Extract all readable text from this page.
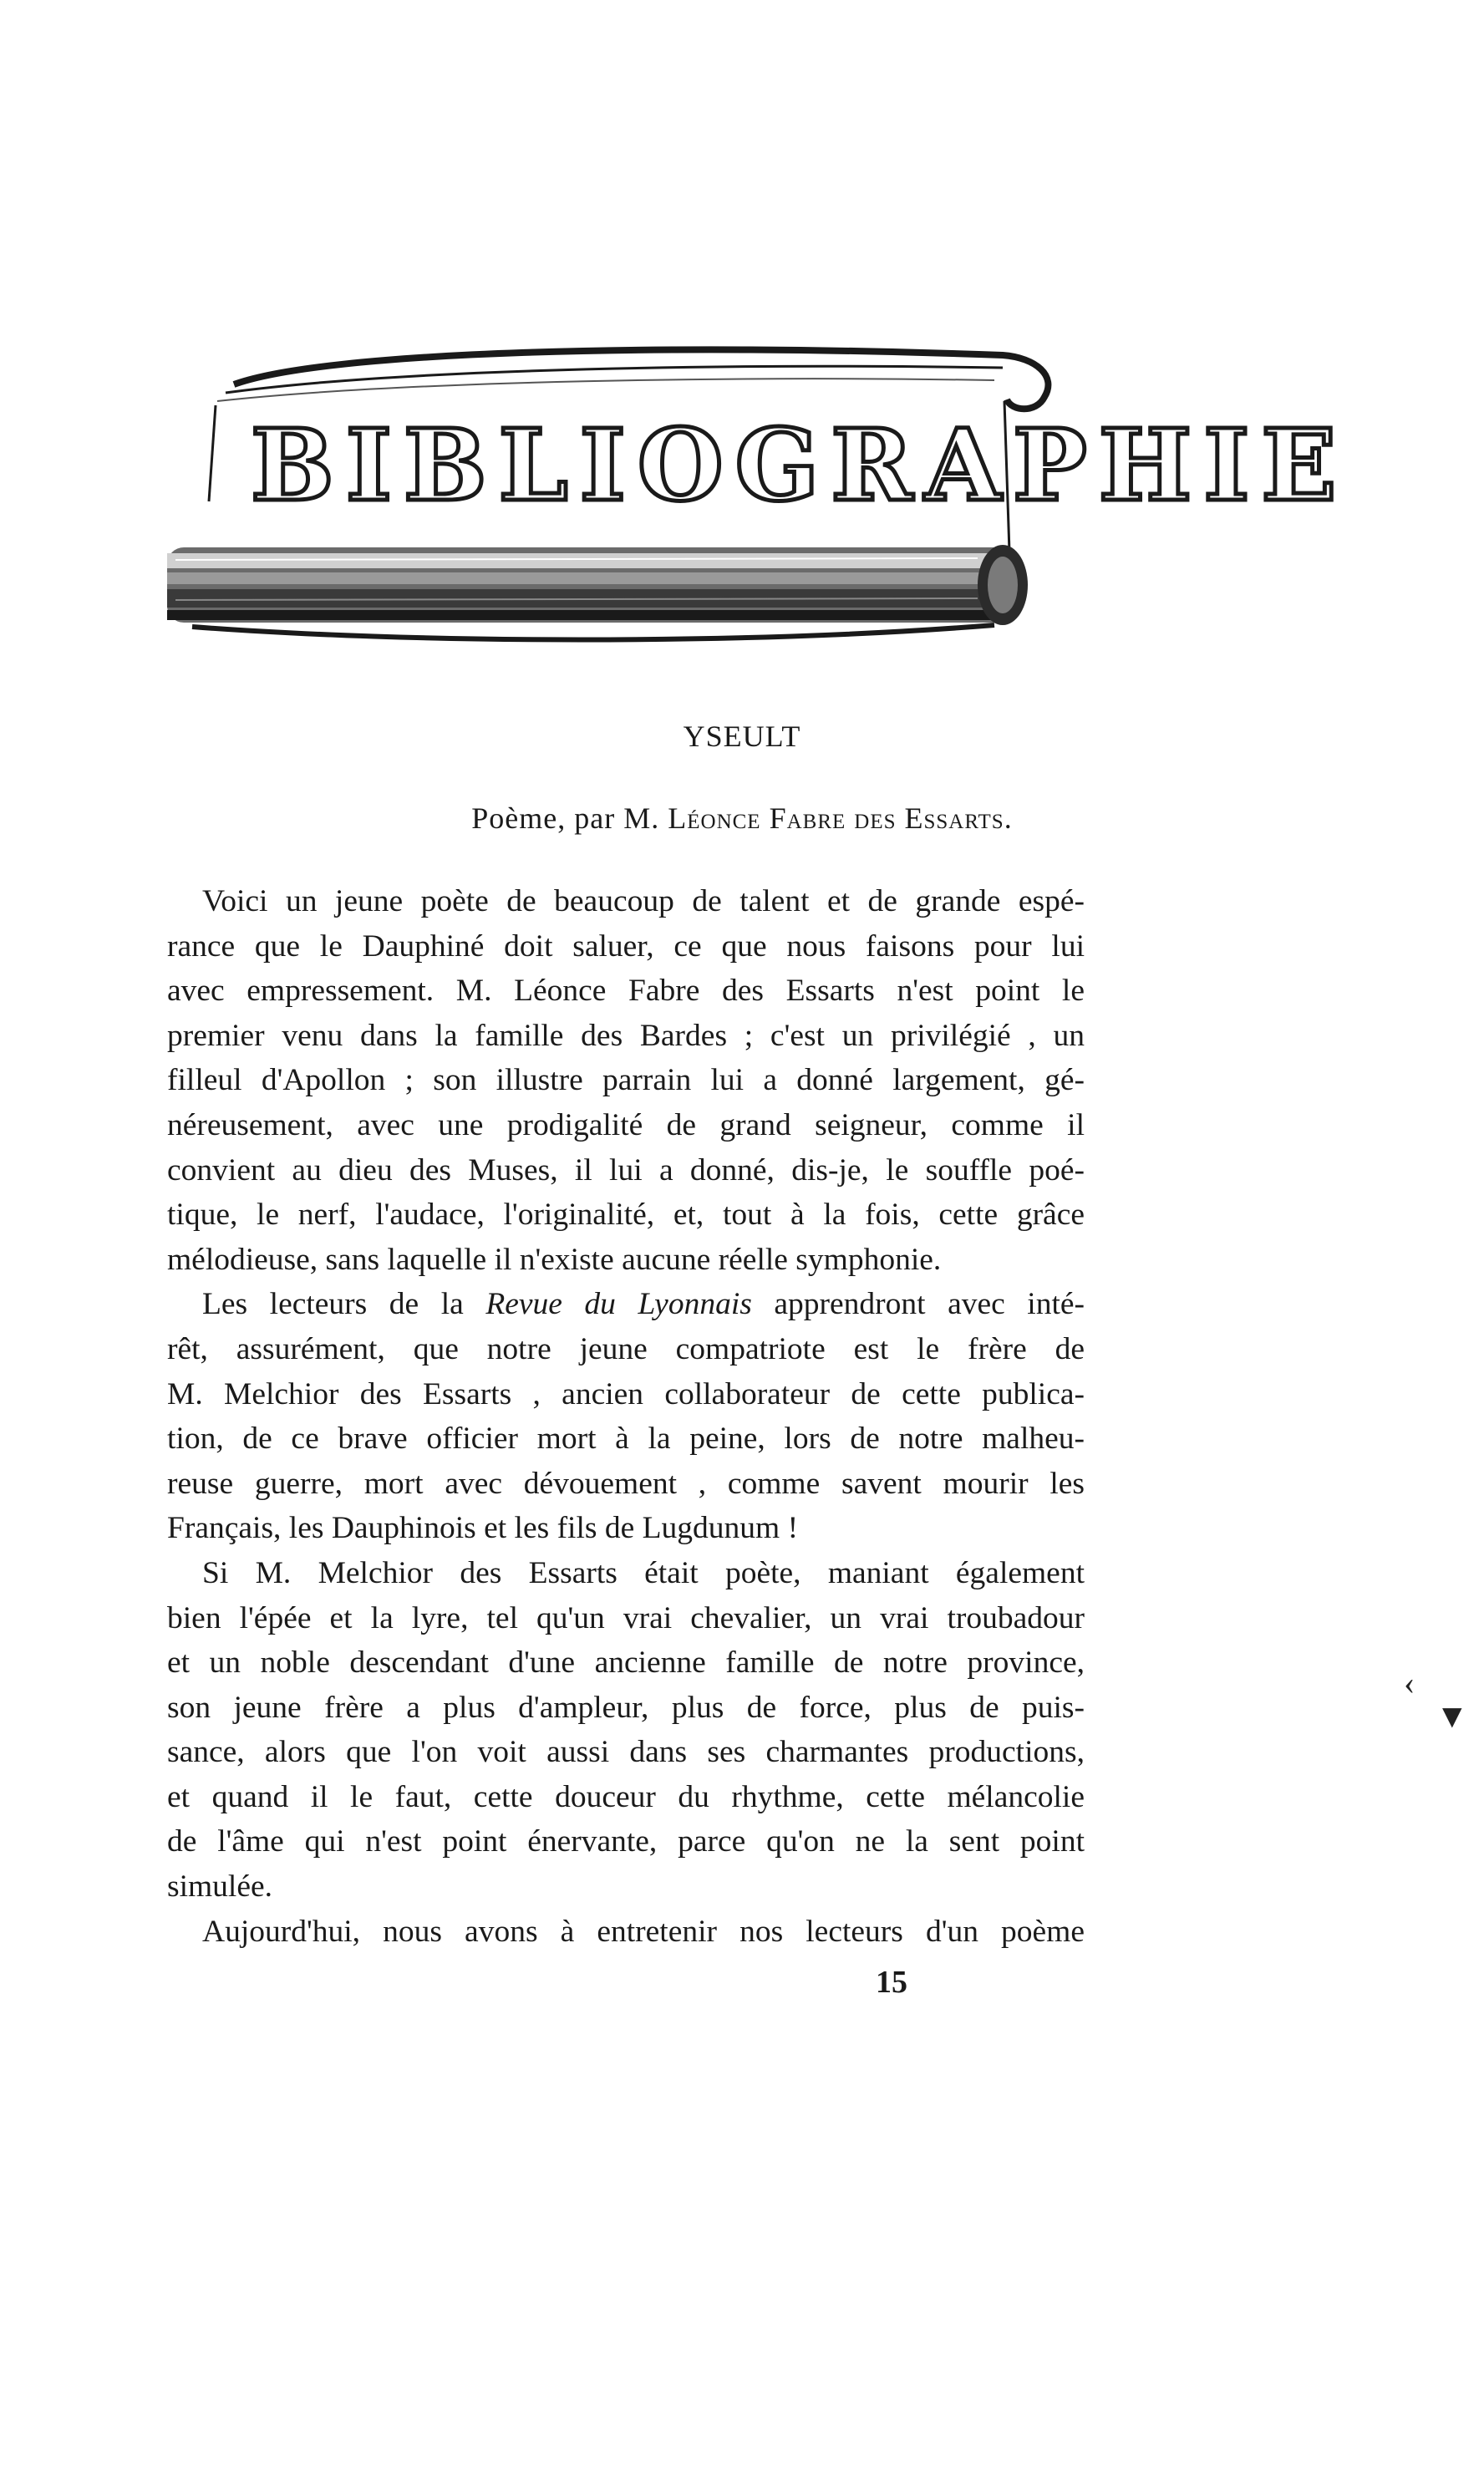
BIBLIOGRAPHIE
YSEULT
Poème, par M. Léonce Fabre des Essarts.

Voici un jeune poète de beaucoup de talent et de grande espé-
rance que le Dauphiné doit saluer, ce que nous faisons pour lui
avec empressement. M. Léonce Fabre des Essarts n'est point le
premier venu dans la famille des Bardes ; c'est un privilégié , un
filleul d'Apollon ; son illustre parrain lui a donné largement, gé-
néreusement, avec une prodigalité de grand seigneur, comme il
convient au dieu des Muses, il lui a donné, dis-je, le souffle poé-
tique, le nerf, l'audace, l'originalité, et, tout à la fois, cette grâce
mélodieuse, sans laquelle il n'existe aucune réelle symphonie.

Les lecteurs de la Revue du Lyonnais apprendront avec inté-
rêt, assurément, que notre jeune compatriote est le frère de
M. Melchior des Essarts , ancien collaborateur de cette publica-
tion, de ce brave officier mort à la peine, lors de notre malheu-
reuse guerre, mort avec dévouement , comme savent mourir les
Français, les Dauphinois et les fils de Lugdunum !

Si M. Melchior des Essarts était poète, maniant également
bien l'épée et la lyre, tel qu'un vrai chevalier, un vrai troubadour
et un noble descendant d'une ancienne famille de notre province,
son jeune frère a plus d'ampleur, plus de force, plus de puis-
sance, alors que l'on voit aussi dans ses charmantes productions,
et quand il le faut, cette douceur du rhythme, cette mélancolie
de l'âme qui n'est point énervante, parce qu'on ne la sent point
simulée.

Aujourd'hui, nous avons à entretenir nos lecteurs d'un poème

15
‹
▼
